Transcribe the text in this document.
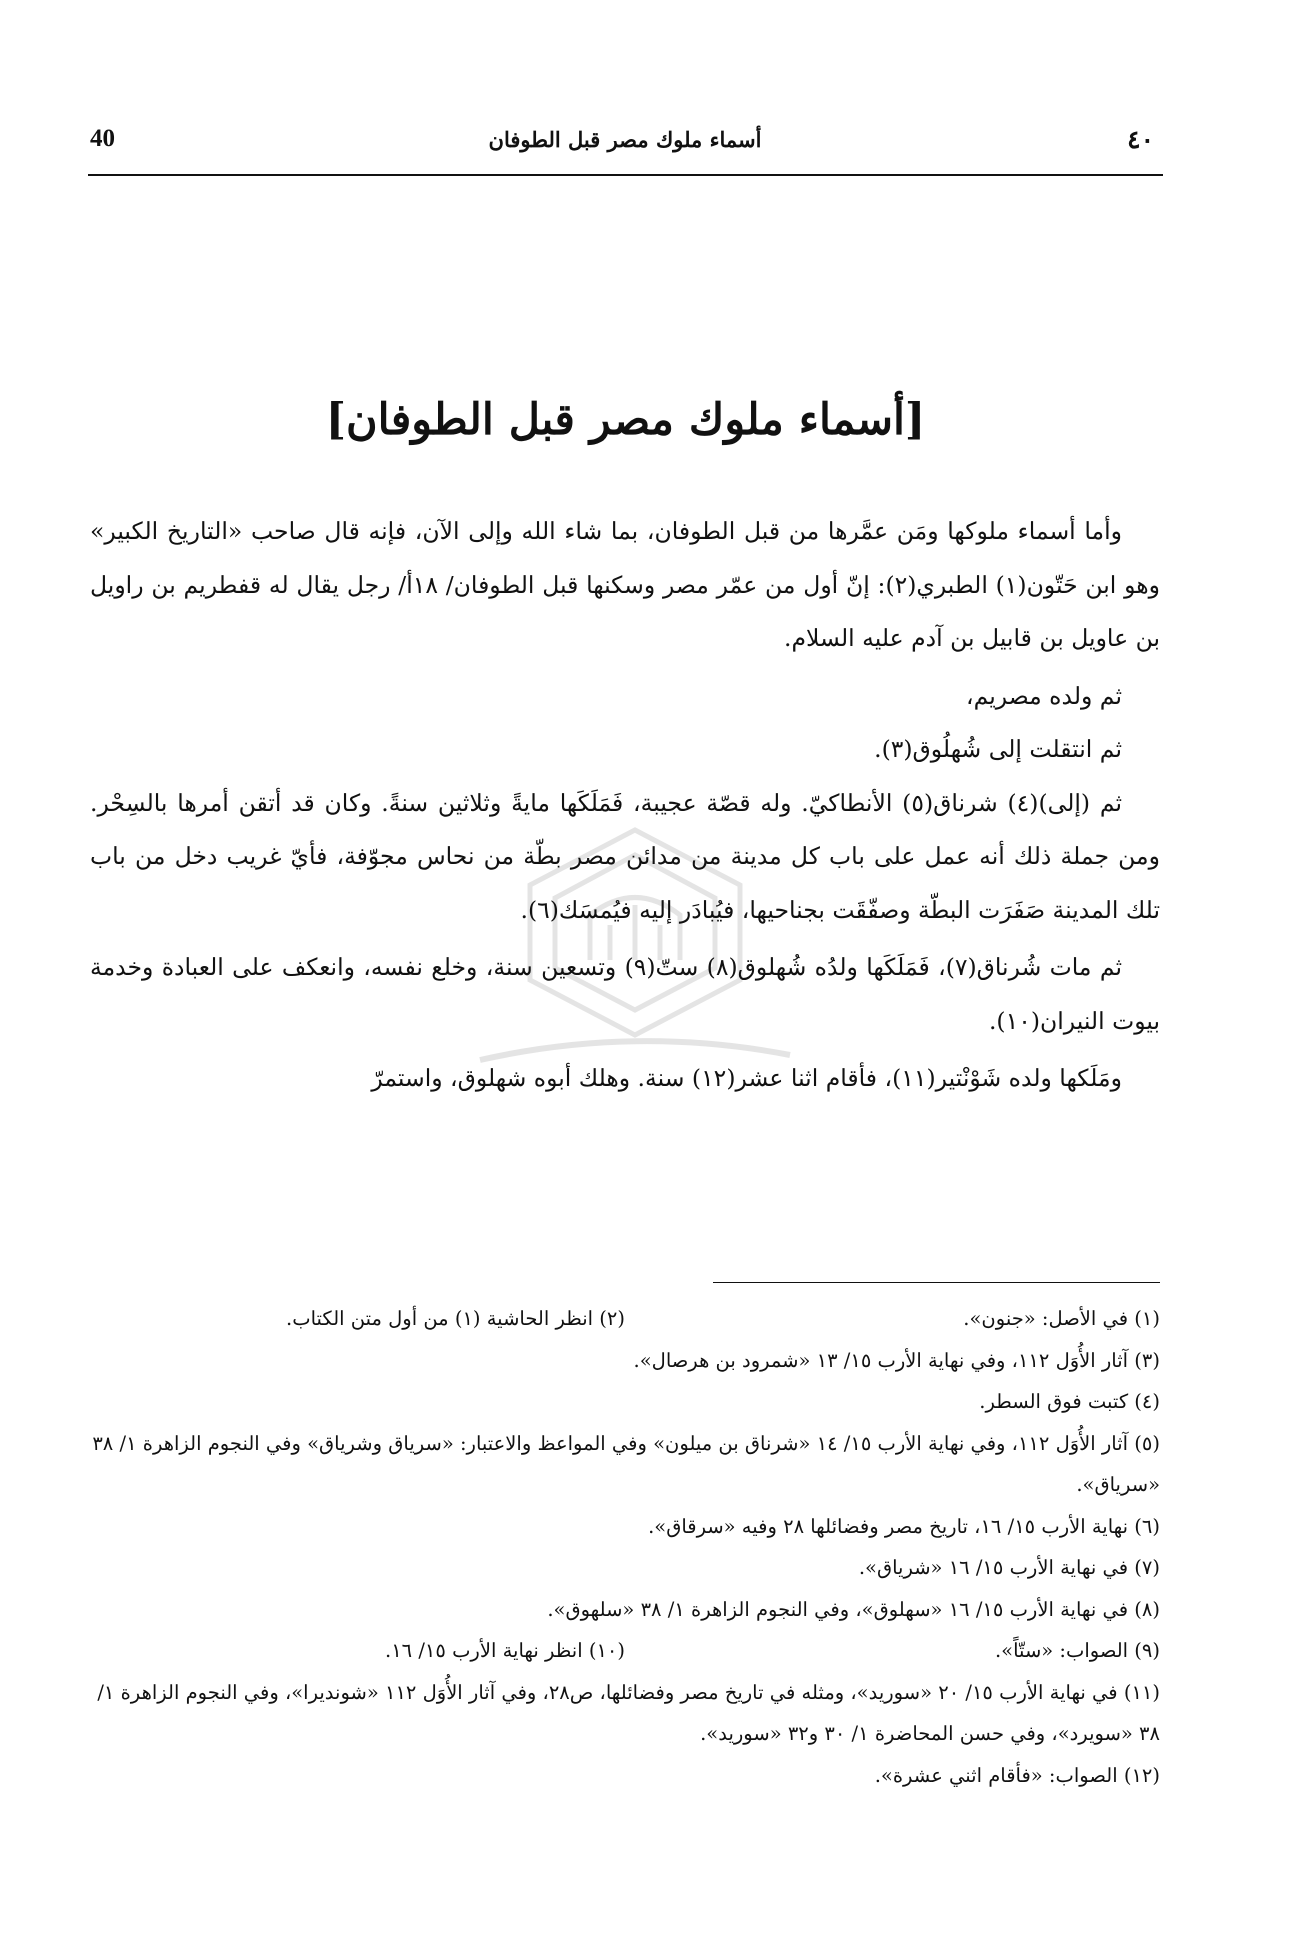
40	أسماء ملوك مصر قبل الطوفان	٤٠
[أسماء ملوك مصر قبل الطوفان]

وأما أسماء ملوكها ومَن عمَّرها من قبل الطوفان، بما شاء الله وإلى الآن، فإنه قال صاحب «التاريخ الكبير» وهو ابن حَتّون(١) الطبري(٢): إنّ أول من عمّر مصر وسكنها قبل الطوفان/ ١٨أ/ رجل يقال له قفطريم بن راويل بن عاويل بن قابيل بن آدم عليه السلام.

ثم ولده مصريم،

ثم انتقلت إلى شُهلُوق(٣).

ثم (إلى)(٤) شرناق(٥) الأنطاكيّ. وله قصّة عجيبة، فَمَلَكَها مايةً وثلاثين سنةً. وكان قد أتقن أمرها بالسِحْر. ومن جملة ذلك أنه عمل على باب كل مدينة من مدائن مصر بطّة من نحاس مجوّفة، فأيّ غريب دخل من باب تلك المدينة صَفَرَت البطّة وصفّقَت بجناحيها، فيُبادَر إليه فيُمسَك(٦).

ثم مات شُرناق(٧)، فَمَلَكَها ولدُه شُهلوق(٨) ستّ(٩) وتسعين سنة، وخلع نفسه، وانعكف على العبادة وخدمة بيوت النيران(١٠).

ومَلَكها ولده شَوْنْتير(١١)، فأقام اثنا عشر(١٢) سنة. وهلك أبوه شهلوق، واستمرّ

(١) في الأصل: «جنون».
(٢) انظر الحاشية (١) من أول متن الكتاب.
(٣) آثار الأُوَل ١١٢، وفي نهاية الأرب ١٥/ ١٣ «شمرود بن هرصال».
(٤) كتبت فوق السطر.
(٥) آثار الأُوَل ١١٢، وفي نهاية الأرب ١٥/ ١٤ «شرناق بن ميلون» وفي المواعظ والاعتبار: «سرياق وشرياق» وفي النجوم الزاهرة ١/ ٣٨ «سرياق».
(٦) نهاية الأرب ١٥/ ١٦، تاريخ مصر وفضائلها ٢٨ وفيه «سرقاق».
(٧) في نهاية الأرب ١٥/ ١٦ «شرياق».
(٨) في نهاية الأرب ١٥/ ١٦ «سهلوق»، وفي النجوم الزاهرة ١/ ٣٨ «سلهوق».
(٩) الصواب: «ستّاً».
(١٠) انظر نهاية الأرب ١٥/ ١٦.
(١١) في نهاية الأرب ١٥/ ٢٠ «سوريد»، ومثله في تاريخ مصر وفضائلها، ص٢٨، وفي آثار الأُوَل ١١٢ «شونديرا»، وفي النجوم الزاهرة ١/ ٣٨ «سويرد»، وفي حسن المحاضرة ١/ ٣٠ و٣٢ «سوريد».
(١٢) الصواب: «فأقام اثني عشرة».
